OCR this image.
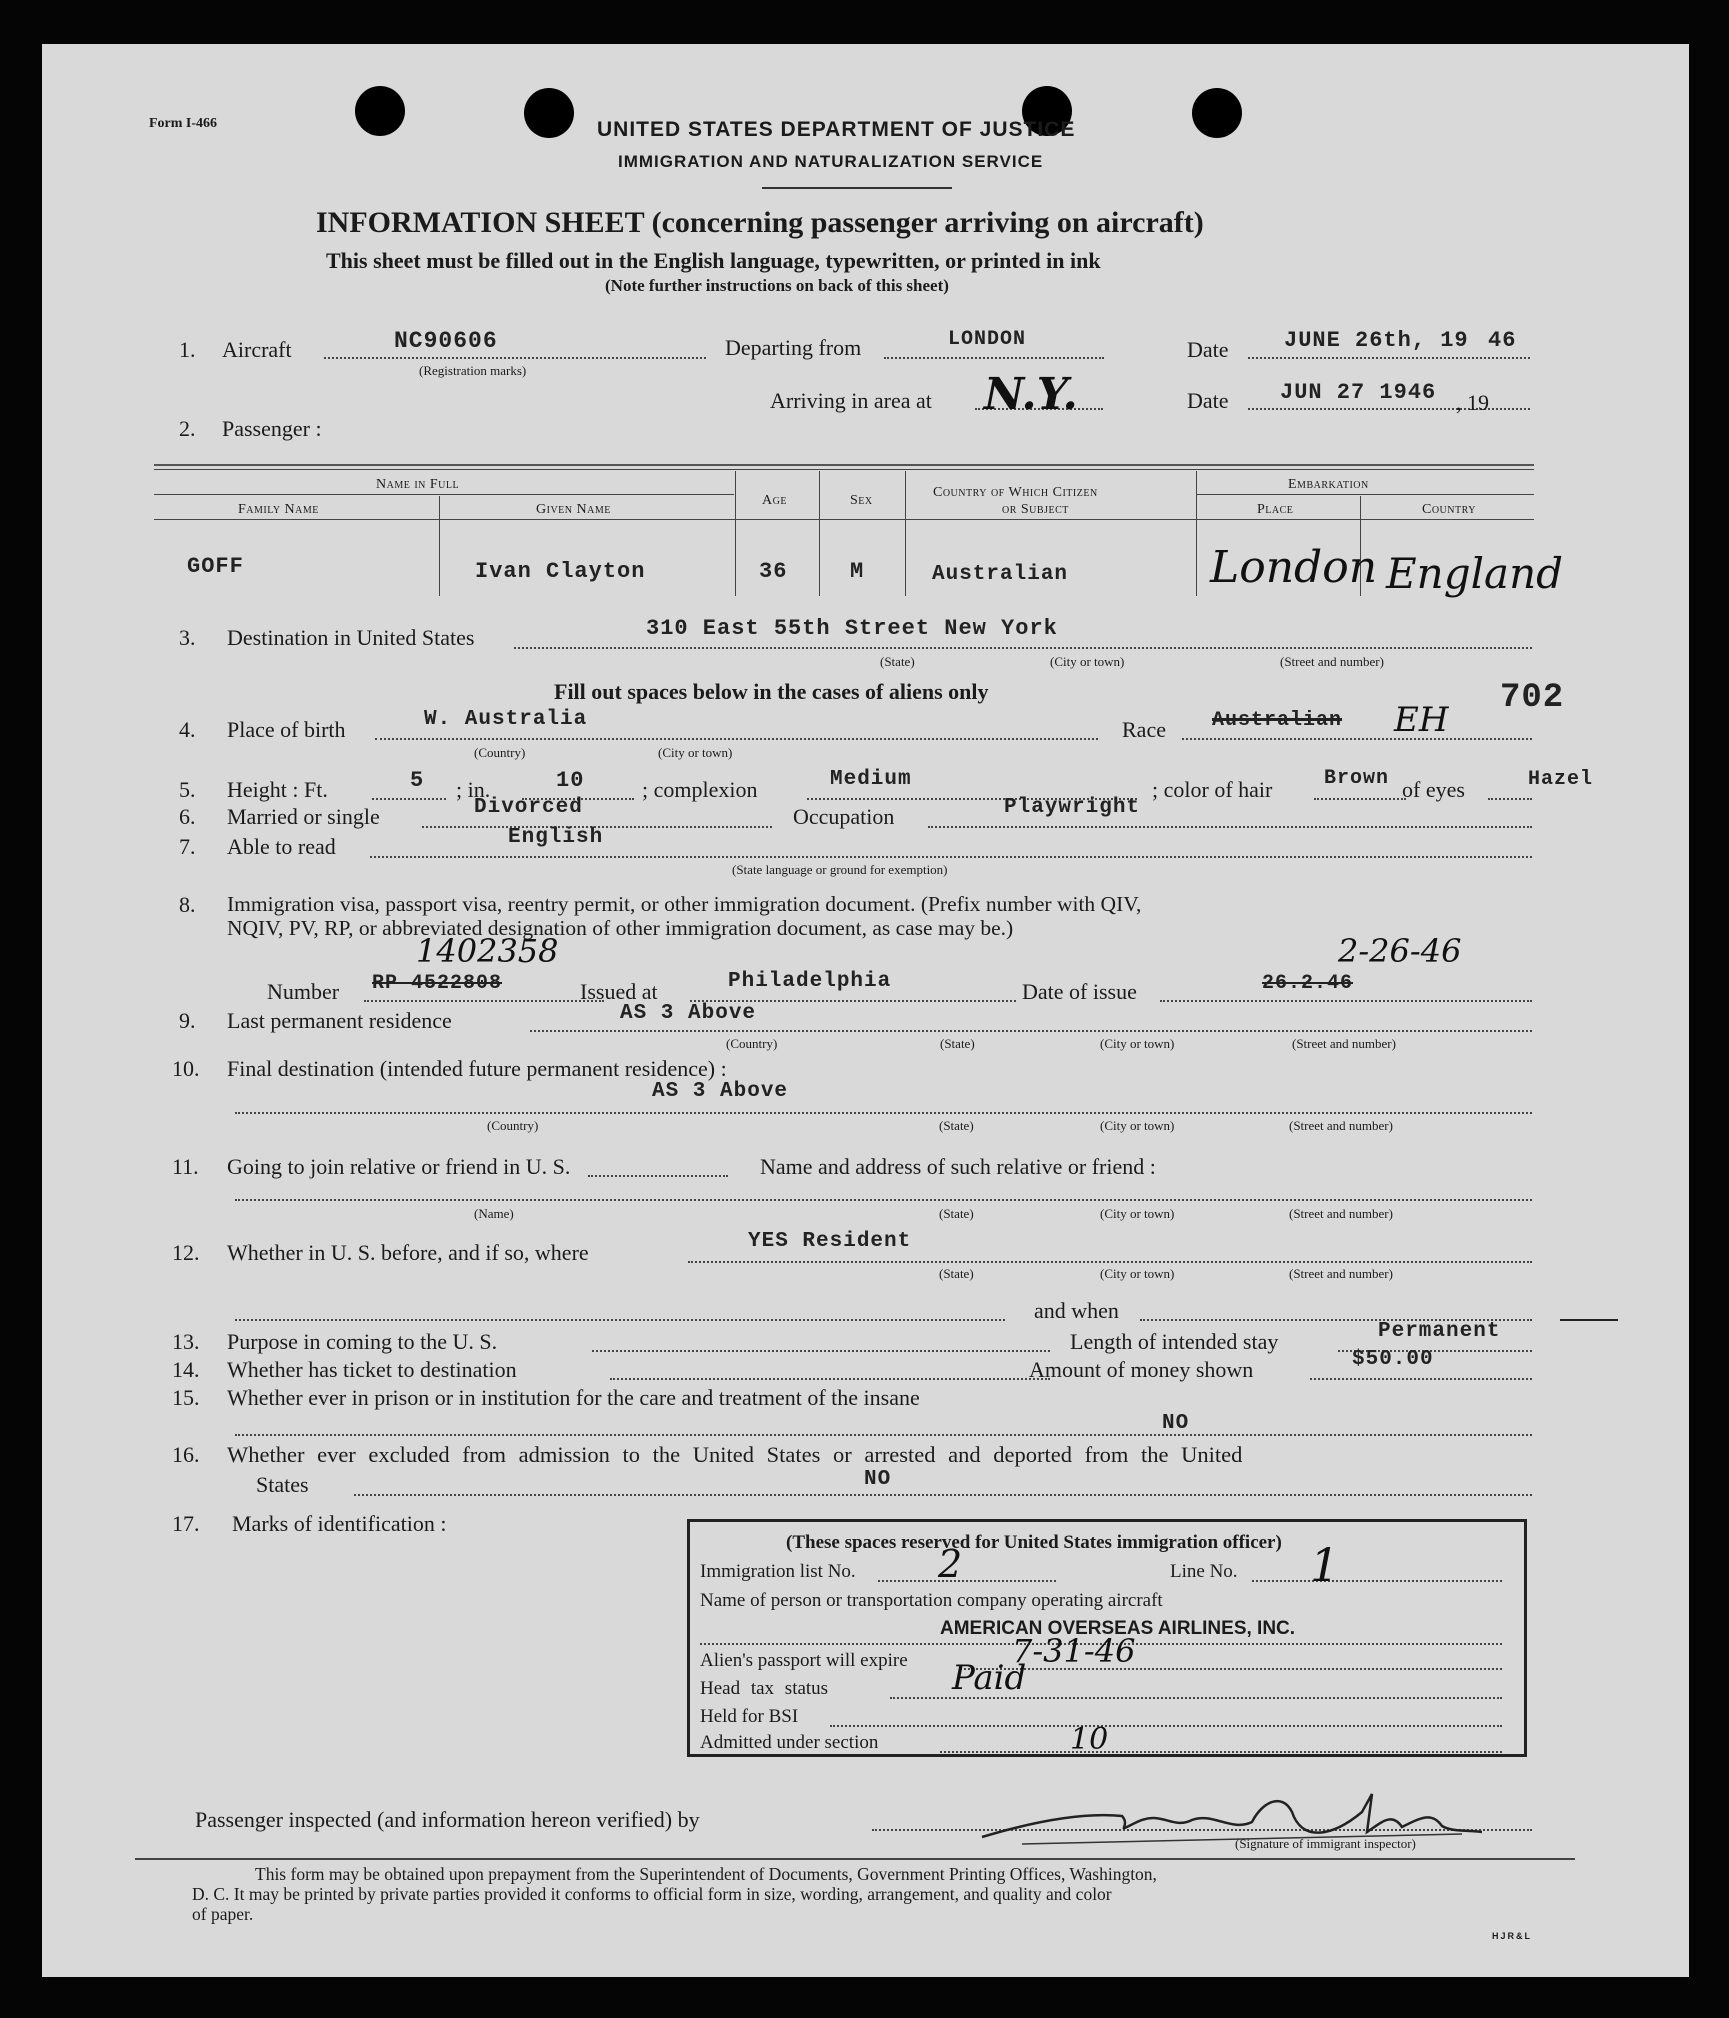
Form I-466	UNITED STATES DEPARTMENT OF JUSTICE
IMMIGRATION AND NATURALIZATION SERVICE
INFORMATION SHEET (concerning passenger arriving on aircraft)
This sheet must be filled out in the English language, typewritten, or printed in ink
(Note further instructions on back of this sheet)
1. Aircraft	NC90606
(Registration marks)
Departing from	LONDON	Date	JUNE 26th, 19 46
Arriving in area at N.Y.	Date JUN 27 1946 , 19
2. Passenger :
Name in Full
Family Name	Given Name
Age	Sex
Country of Which Citizen
or Subject
Embarkation
Place	Country
GOFF	Ivan Clayton	36	M	Australian	London England
3. Destination in United States	310 East 55th Street New York
(State)	(City or town)	(Street and number)
Fill out spaces below in the cases of aliens only	702
4. Place of birth	W. Australia
(Country)	(City or town)
Race Australian EH
5. Height : Ft.	5 ; in.	10	; complexion	Medium	; color of hair	Brown of eyes	Hazel
6. Married or single	Divorced	Occupation	Playwright
7. Able to read	English
(State language or ground for exemption)
8. Immigration visa, passport visa, reentry permit, or other immigration document. (Prefix number with QIV,
NQIV, PV, RP, or abbreviated designation of other immigration document, as case may be.)
1402358	2-26-46
Number RP 4522808	Issued at	Philadelphia	Date of issue	26.2.46
9. Last permanent residence	AS 3 Above
(Country)	(State)	(City or town)	(Street and number)
10. Final destination (intended future permanent residence) :
AS 3 Above
(Country)	(State)	(City or town)	(Street and number)
11. Going to join relative or friend in U. S.	Name and address of such relative or friend :
(Name)	(State)	(City or town)	(Street and number)
12. Whether in U. S. before, and if so, where	YES Resident
(State)	(City or town)	(Street and number)
and when
13. Purpose in coming to the U. S.	Length of intended stay	Permanent
14. Whether has ticket to destination	Amount of money shown	$50.00
15. Whether ever in prison or in institution for the care and treatment of the insane
NO
16. Whether ever excluded from admission to the United States or arrested and deported from the United
States	NO
17. Marks of identification :
(These spaces reserved for United States immigration officer)
Immigration list No. 2	Line No. 1
Name of person or transportation company operating aircraft
AMERICAN OVERSEAS AIRLINES, INC.
Alien's passport will expire	7-31-46
Head tax status	Paid
Held for BSI
Admitted under section	10
Passenger inspected (and information hereon verified) by
(Signature of immigrant inspector)
This form may be obtained upon prepayment from the Superintendent of Documents, Government Printing Offices, Washington,
D. C. It may be printed by private parties provided it conforms to official form in size, wording, arrangement, and quality and color
of paper.
HJR&L
